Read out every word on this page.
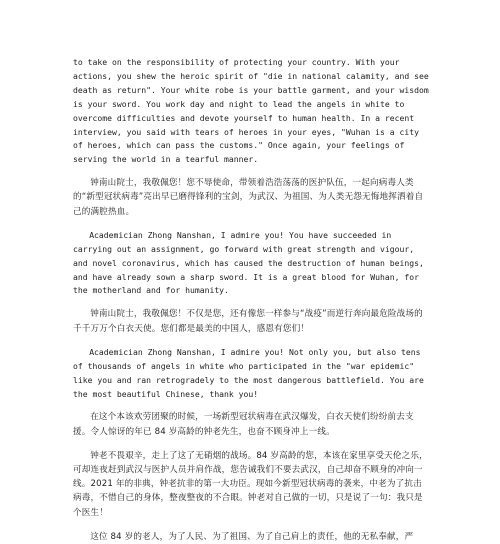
to take on the responsibility of protecting your country. With your actions, you shew the heroic spirit of "die in national calamity, and see death as return". Your white robe is your battle garment, and your wisdom is your sword. You work day and night to lead the angels in white to overcome difficulties and devote yourself to human health. In a recent interview, you said with tears of heroes in your eyes, "Wuhan is a city of heroes, which can pass the customs." Once again, your feelings of serving the world in a tearful manner.

钟南山院士，我敬佩您！您不辱使命，带领着浩浩荡荡的医护队伍，一起向病毒人类的“新型冠状病毒”亮出早已磨得锋利的宝剑，为武汉、为祖国、为人类无怨无悔地挥洒着自己的满腔热血。

Academician Zhong Nanshan, I admire you! You have succeeded in carrying out an assignment, go forward with great strength and vigour, and novel coronavirus, which has caused the destruction of human beings, and have already sown a sharp sword. It is a great blood for Wuhan, for the motherland and for humanity.

钟南山院士，我敬佩您！不仅是您，还有像您一样参与“战疫”而逆行奔向最危险战场的千千万万个白衣天使。您们都是最美的中国人，感恩有您们！

Academician Zhong Nanshan, I admire you! Not only you, but also tens of thousands of angels in white who participated in the "war epidemic" like you and ran retrogradely to the most dangerous battlefield. You are the most beautiful Chinese, thank you!

在这个本该欢劳团聚的时候，一场新型冠状病毒在武汉爆发，白衣天使们纷纷前去支援。令人惊讶的年已 84 岁高龄的钟老先生，也奋不顾身冲上一线。

钟老不畏艰辛，走上了这了无硝烟的战场。84 岁高龄的您，本该在家里享受天伦之乐，可却连夜赶到武汉与医护人员并肩作战，您告诫我们不要去武汉，自己却奋不顾身的冲向一线。2021 年的非典，钟老抗非的第一大功臣。现如今新型冠状病毒的袭来，中老为了抗击病毒，不惜自己的身体，整夜整夜的不合眼。钟老对自己做的一切，只是说了一句：我只是个医生！

这位 84 岁的老人，为了人民、为了祖国、为了自己肩上的责任，他的无私奉献，严
